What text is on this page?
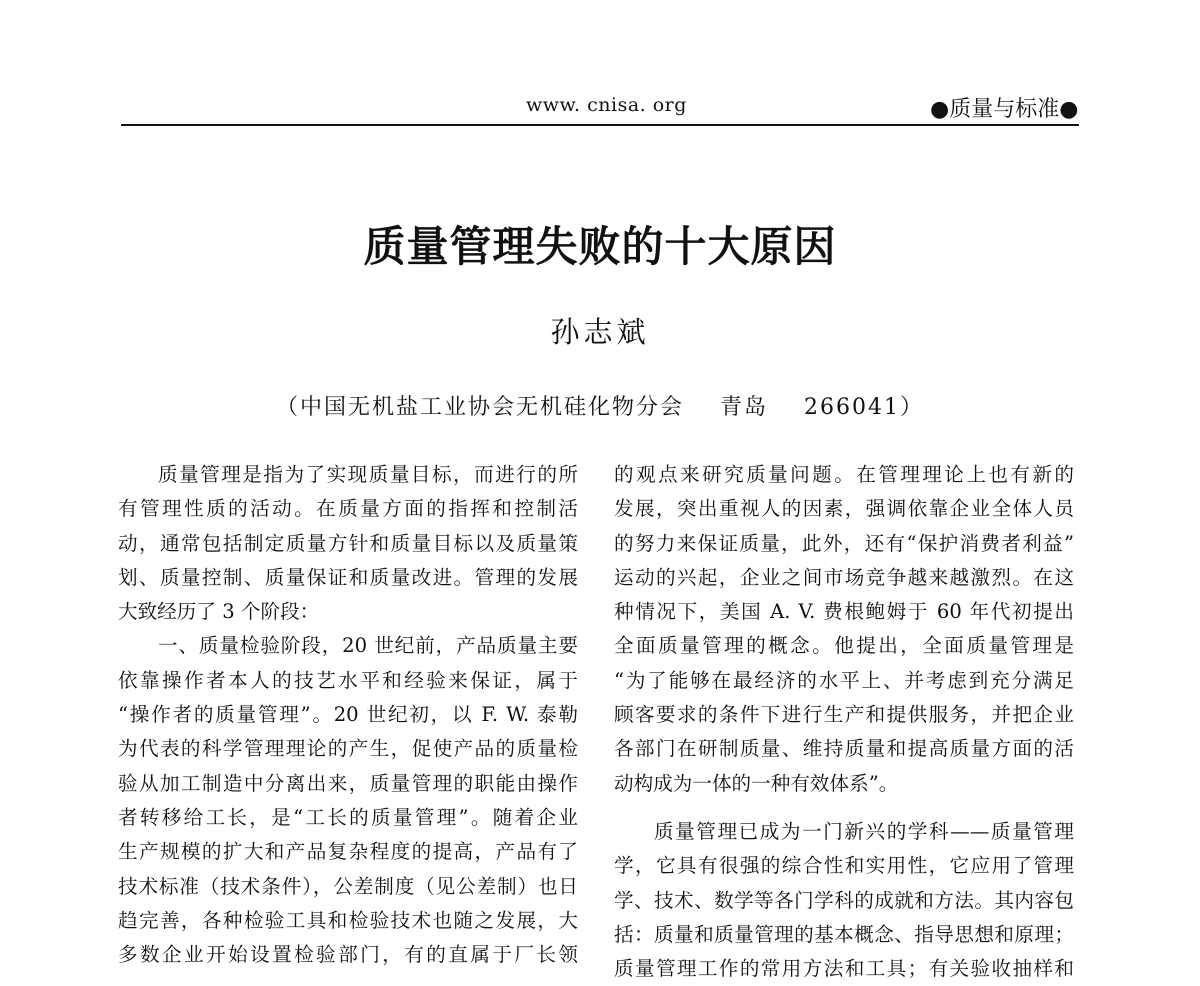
www. cnisa. org	●质量与标准●
质量管理失败的十大原因
孙志斌
（中国无机盐工业协会无机硅化物分会    青岛    266041）
质量管理是指为了实现质量目标，而进行的所
有管理性质的活动。在质量方面的指挥和控制活
动，通常包括制定质量方针和质量目标以及质量策
划、质量控制、质量保证和质量改进。管理的发展
大致经历了 3 个阶段：
一、质量检验阶段，20 世纪前，产品质量主要
依靠操作者本人的技艺水平和经验来保证，属于
“操作者的质量管理”。20 世纪初，以 F. W. 泰勒
为代表的科学管理理论的产生，促使产品的质量检
验从加工制造中分离出来，质量管理的职能由操作
者转移给工长，是“工长的质量管理”。随着企业
生产规模的扩大和产品复杂程度的提高，产品有了
技术标准（技术条件），公差制度（见公差制）也日
趋完善，各种检验工具和检验技术也随之发展，大
多数企业开始设置检验部门，有的直属于厂长领
的观点来研究质量问题。在管理理论上也有新的
发展，突出重视人的因素，强调依靠企业全体人员
的努力来保证质量，此外，还有“保护消费者利益”
运动的兴起，企业之间市场竞争越来越激烈。在这
种情况下，美国 A. V. 费根鲍姆于 60 年代初提出
全面质量管理的概念。他提出，全面质量管理是
“为了能够在最经济的水平上、并考虑到充分满足
顾客要求的条件下进行生产和提供服务，并把企业
各部门在研制质量、维持质量和提高质量方面的活
动构成为一体的一种有效体系”。
质量管理已成为一门新兴的学科——质量管理
学，它具有很强的综合性和实用性，它应用了管理
学、技术、数学等各门学科的成就和方法。其内容包
括：质量和质量管理的基本概念、指导思想和原理；
质量管理工作的常用方法和工具；有关验收抽样和
